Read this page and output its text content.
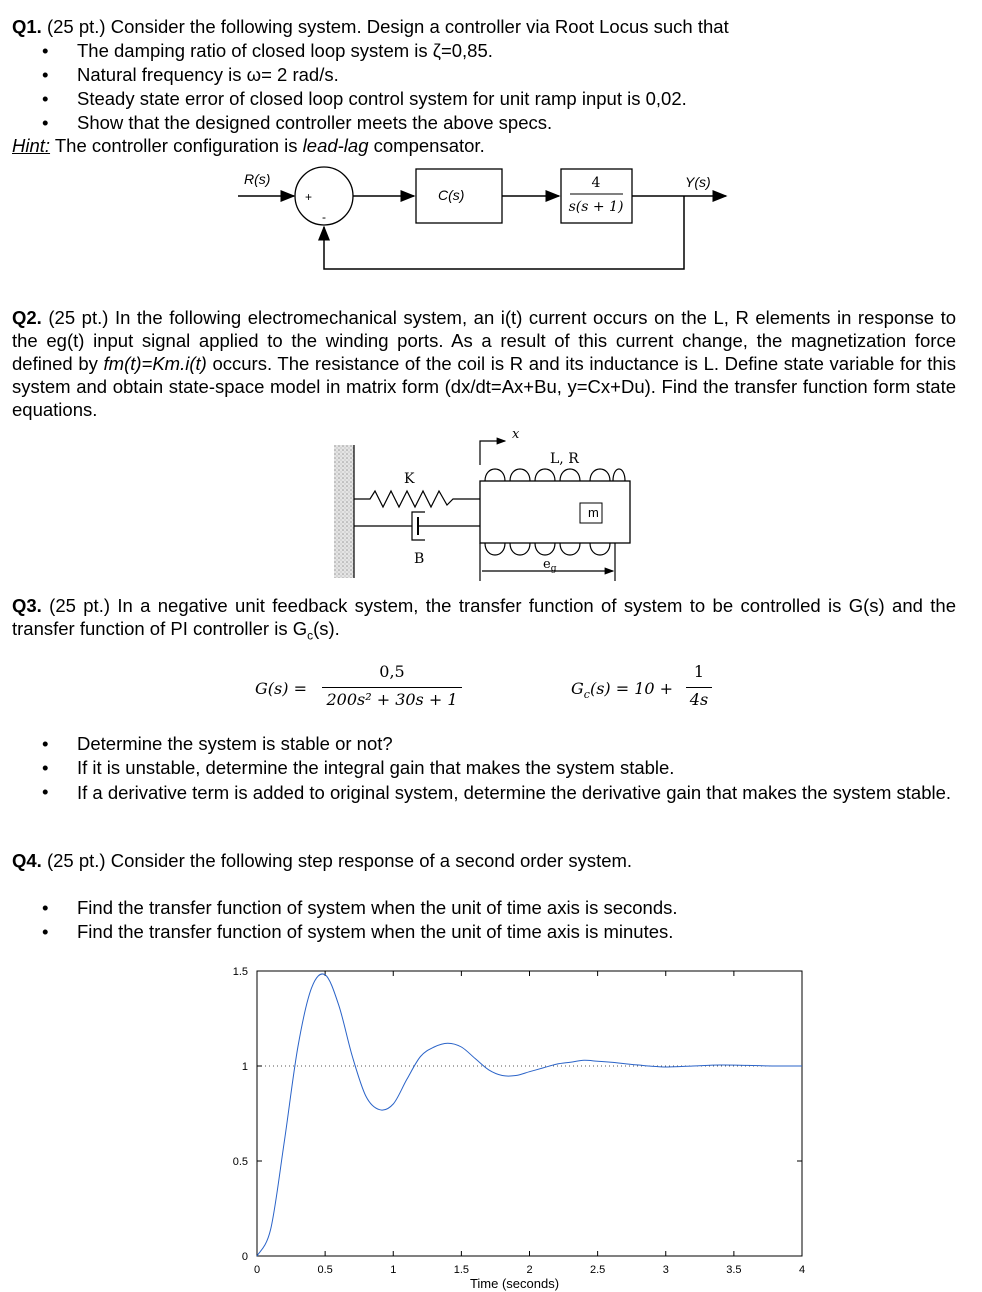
Q1. (25 pt.) Consider the following system. Design a controller via Root Locus such that
• The damping ratio of closed loop system is ζ=0,85.
• Natural frequency is ω= 2 rad/s.
• Steady state error of closed loop control system for unit ramp input is 0,02.
• Show that the designed controller meets the above specs.
Hint: The controller configuration is lead-lag compensator.
R(s)
+
-
C(s)
4
s(s + 1)
Y(s)
Q2. (25 pt.) In the following electromechanical system, an i(t) current occurs on the L, R elements in response to the eg(t) input signal applied to the winding ports. As a result of this current change, the magnetization force defined by fm(t)=Km.i(t) occurs. The resistance of the coil is R and its inductance is L. Define state variable for this system and obtain state-space model in matrix form (dx/dt=Ax+Bu, y=Cx+Du). Find the transfer function form state equations.
K
B
m
L, R
x
$e_g$
Q3. (25 pt.) In a negative unit feedback system, the transfer function of system to be controlled is G(s) and the transfer function of PI controller is $G_c(s)$.
G(s) =
0,5
200s² + 30s + 1
$G_c(s) = 10$ +
1
4s
• Determine the system is stable or not?
• If it is unstable, determine the integral gain that makes the system stable.
• If a derivative term is added to original system, determine the derivative gain that makes the system stable.
Q4. (25 pt.) Consider the following step response of a second order system.
• Find the transfer function of system when the unit of time axis is seconds.
• Find the transfer function of system when the unit of time axis is minutes.
0	0.5	1	1.5	2	2.5	3	3.5	4
0
0.5
1
1.5
Time (seconds)
